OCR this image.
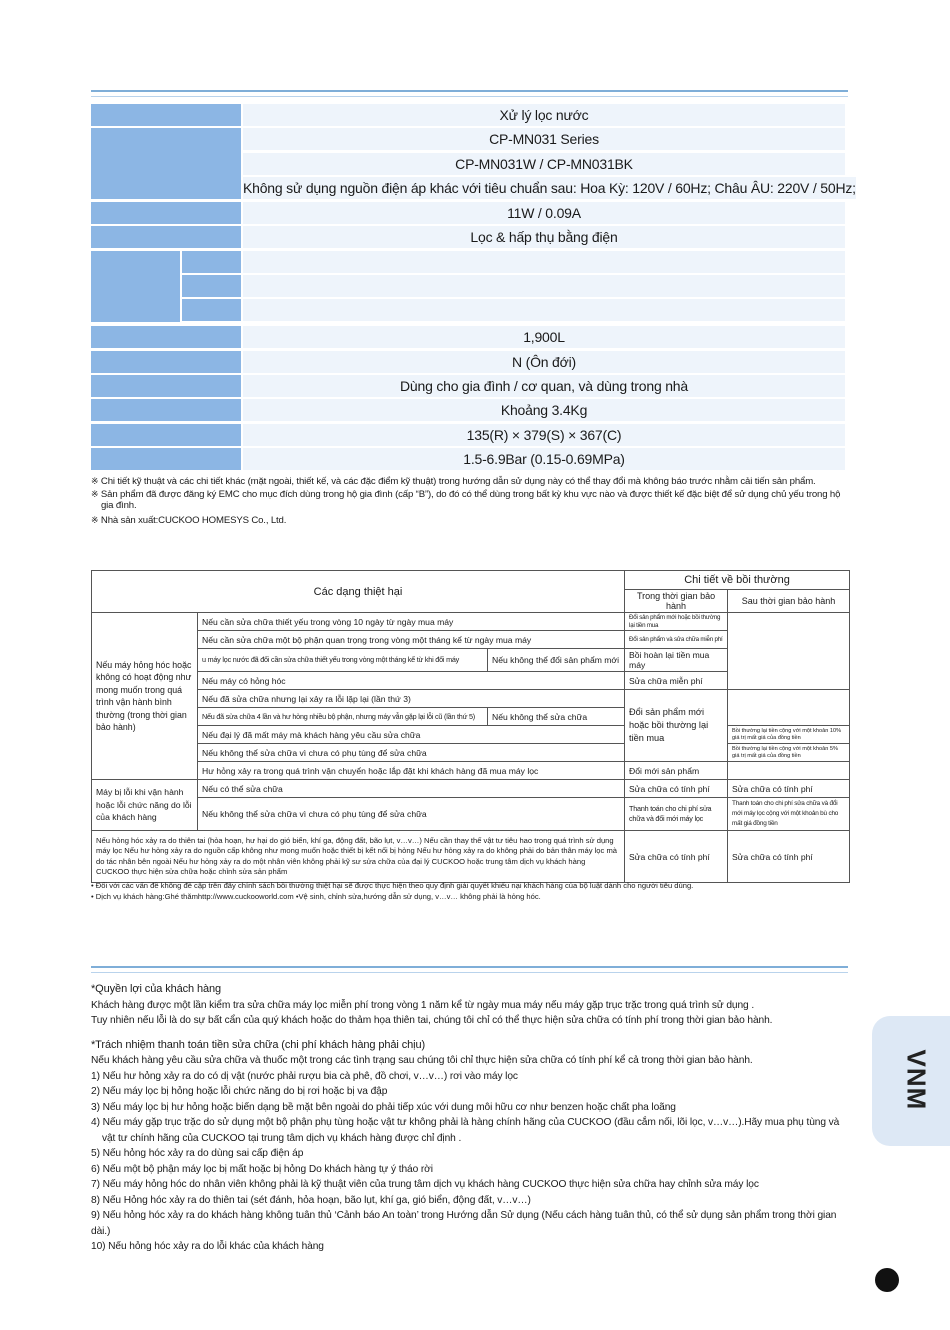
Xử lý lọc nước
CP-MN031 Series
CP-MN031W / CP-MN031BK
Không sử dụng nguồn điện áp khác với tiêu chuẩn sau: Hoa Kỳ: 120V / 60Hz; Châu ÂU: 220V / 50Hz;
11W / 0.09A
Lọc & hấp thụ bằng điện
1,900L
N (Ôn đới)
Dùng cho gia đình / cơ quan, và dùng trong nhà
Khoảng 3.4Kg
135(R) × 379(S) × 367(C)
1.5-6.9Bar (0.15-0.69MPa)
※ Chi tiết kỹ thuật và các chi tiết khác (mặt ngoài, thiết kế, và các đặc điểm kỹ thuật) trong hướng dẫn sử dụng này có thể thay đổi mà không báo trước nhằm cải tiến sản phẩm.
※ Sản phẩm đã được đăng ký EMC cho mục đích dùng trong hộ gia đình (cấp “B”), do đó có thể dùng trong bất kỳ khu vực nào và được thiết kế đặc biệt để sử dụng chủ yếu trong hộ gia đình.
※ Nhà sản xuất:CUCKOO HOMESYS Co., Ltd.
Các dạng thiệt hại			Chi tiết về bồi thường	
			Trong thời gian bảo hành	Sau thời gian bảo hành
Nếu máy hỏng hóc hoặc không có hoạt động như mong muốn trong quá trình vận hành bình thường (trong thời gian bảo hành)	Nếu cần sửa chữa thiết yếu trong vòng 10 ngày từ ngày mua máy		Đổi sản phẩm mới hoặc bồi thường lại tiền mua	
	Nếu cần sửa chữa một bộ phận quan trọng trong vòng một tháng kể từ ngày mua máy		Đổi sản phẩm và sửa chữa miễn phí	
	u máy lọc nước đã đổi cần sửa chữa thiết yếu trong vòng một tháng kể từ khi đổi máy	Nếu không thể đổi sản phẩm mới	Bồi hoàn lại tiền mua máy	
	Nếu máy có hỏng hóc		Sửa chữa miễn phí	
	Nếu đã sửa chữa nhưng lại xảy ra lỗi lặp lại (lần thứ 3)		Đổi sản phẩm mới hoặc bồi thường lại tiền mua	
	Nếu đã sửa chữa 4 lần và hư hỏng nhiều bộ phận, nhưng máy vẫn gặp lại lỗi cũ (lần thứ 5)	Nếu không thể sửa chữa		
	Nếu đại lý đã mất máy mà khách hàng yêu cầu sửa chữa			Bồi thường lại tiền cộng với một khoản 10% giá trị mất giá của đồng tiền
	Nếu không thể sửa chữa vì chưa có phụ tùng để sửa chữa			Bồi thường lại tiền cộng với một khoản 5% giá trị mất giá của đồng tiền
	Hư hỏng xảy ra trong quá trình vận chuyển hoặc lắp đặt khi khách hàng đã mua máy lọc		Đổi mới sản phẩm	
Máy bị lỗi khi vận hành hoặc lỗi chức năng do lỗi của khách hàng	Nếu có thể sửa chữa		Sửa chữa có tính phí	Sửa chữa có tính phí
	Nếu không thể sửa chữa vì chưa có phụ tùng để sửa chữa		Thanh toán cho chi phí sửa chữa và đổi mới máy lọc	Thanh toán cho chi phí sửa chữa và đổi mới máy lọc cộng với một khoản bù cho mất giá đồng tiền
Nếu hỏng hóc xảy ra do thiên tai (hỏa hoạn, hư hại do gió biển, khí ga, động đất, bão lụt, v…v…) Nếu cần thay thế vật tư tiêu hao trong quá trình sử dụng máy lọc Nếu hư hỏng xảy ra do nguồn cấp không như mong muốn hoặc thiết bị kết nối bị hỏng Nếu hư hỏng xảy ra do không phải do bản thân máy lọc mà do tác nhân bên ngoài Nếu hư hỏng xảy ra do một nhân viên không phải kỹ sư sửa chữa của đại lý CUCKOO hoặc trung tâm dịch vụ khách hàng CUCKOO thực hiện sửa chữa hoặc chỉnh sửa sản phẩm			Sửa chữa có tính phí	Sửa chữa có tính phí
• Đối với các vấn đề không đề cập trên đây chính sách bồi thường thiệt hại sẽ được thực hiện theo quy định giải quyết khiếu nại khách hàng của bộ luật dành cho người tiêu dùng.
• Dịch vụ khách hàng:Ghé thămhttp://www.cuckooworld.com •Vệ sinh, chỉnh sửa,hướng dẫn sử dụng, v…v… không phải là hỏng hóc.
*Quyền lợi của khách hàng
Khách hàng được một lần kiểm tra sửa chữa máy lọc miễn phí trong vòng 1 năm kể từ ngày mua máy nếu máy gặp trục trặc trong quá trình sử dụng .
Tuy nhiên nếu lỗi là do sự bất cẩn của quý khách hoặc do thảm họa thiên tai, chúng tôi chỉ có thể thực hiện sửa chữa có tính phí trong thời gian bảo hành.
*Trách nhiệm thanh toán tiền sửa chữa (chi phí khách hàng phải chịu)
Nếu khách hàng yêu cầu sửa chữa và thuốc một trong các tình trạng sau chúng tôi chỉ thực hiện sửa chữa có tính phí kể cả trong thời gian bảo hành.
1) Nếu hư hỏng xảy ra do có dị vật (nước phải rượu bia cà phê, đồ chơi, v…v…) rơi vào máy lọc
2) Nếu máy lọc bị hỏng hoặc lỗi chức năng do bị rơi hoặc bị va đập
3) Nếu máy lọc bị hư hỏng hoặc biến dạng bề mặt bên ngoài do phải tiếp xúc với dung môi hữu cơ như benzen hoặc chất pha loãng
4) Nếu máy gặp trục trặc do sử dụng một bộ phận phụ tùng hoặc vật tư không phải là hàng chính hãng của CUCKOO (đầu cắm nối, lõi lọc, v…v…).Hãy mua phụ tùng và vật tư chính hãng của CUCKOO tại trung tâm dịch vụ khách hàng được chỉ định .
5) Nếu hỏng hóc xảy ra do dùng sai cấp điện áp
6) Nếu một bộ phận máy lọc bị mất hoặc bị hỏng Do khách hàng tự ý tháo rời
7) Nếu máy hỏng hóc do nhân viên không phải là kỹ thuật viên của trung tâm dịch vụ khách hàng CUCKOO thực hiện sửa chữa hay chỉnh sửa máy lọc
8) Nếu Hỏng hóc xảy ra do thiên tai (sét đánh, hỏa hoạn, bão lụt, khí ga, gió biển, động đất, v…v…)
9) Nếu hỏng hóc xảy ra do khách hàng không tuân thủ ‘Cảnh báo An toàn’ trong Hướng dẫn Sử dụng (Nếu cách hàng tuân thủ, có thể sử dụng sản phẩm trong thời gian dài.)
10) Nếu hỏng hóc xảy ra do lỗi khác của khách hàng
VNM
